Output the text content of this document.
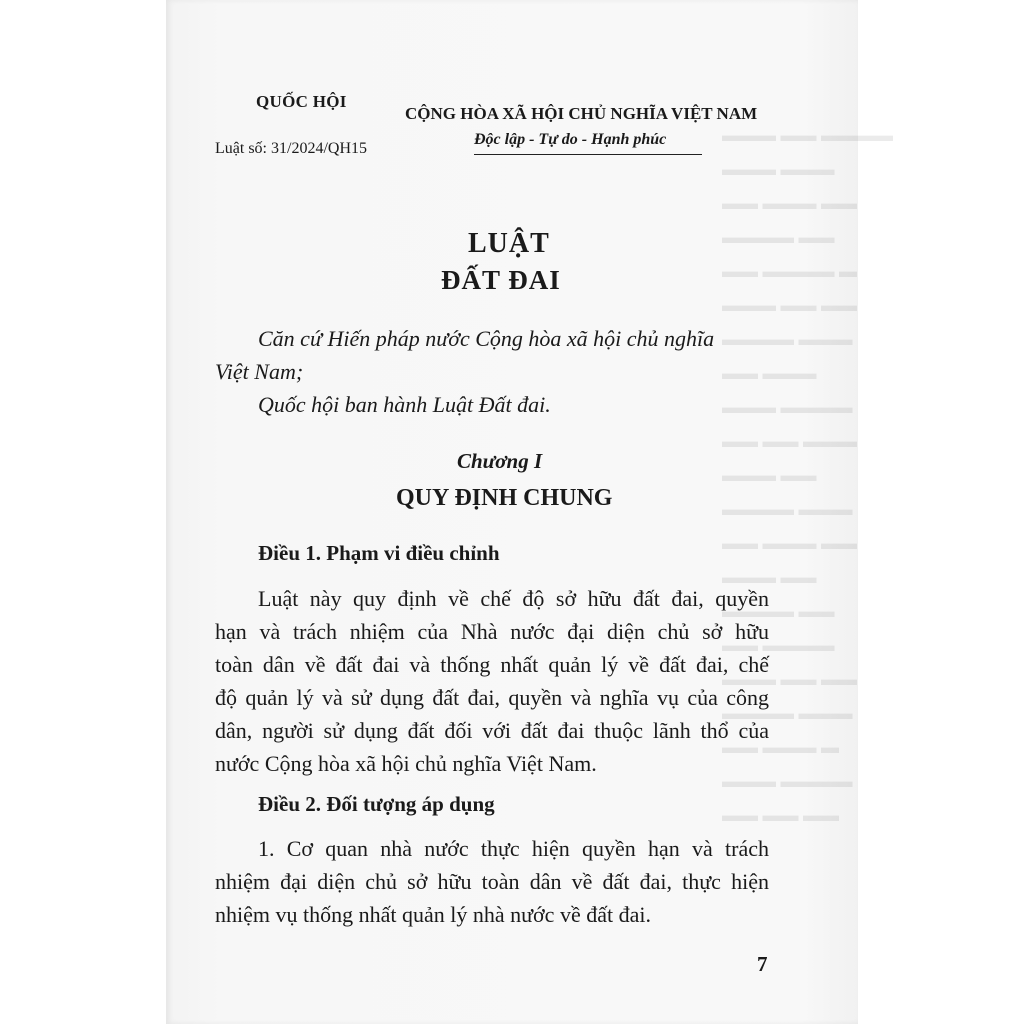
▬▬▬ ▬▬ ▬▬▬▬
▬▬▬ ▬▬▬
▬▬ ▬▬▬ ▬▬
▬▬▬▬ ▬▬
▬▬ ▬▬▬▬ ▬
▬▬▬ ▬▬ ▬▬
▬▬▬▬ ▬▬▬
▬▬ ▬▬▬
▬▬▬ ▬▬▬▬
▬▬ ▬▬ ▬▬▬
▬▬▬ ▬▬
▬▬▬▬ ▬▬▬
▬▬ ▬▬▬ ▬▬
▬▬▬ ▬▬
▬▬▬▬ ▬▬
▬▬ ▬▬▬▬
▬▬▬ ▬▬ ▬▬
▬▬▬▬ ▬▬▬
▬▬ ▬▬▬ ▬
▬▬▬ ▬▬▬▬
▬▬ ▬▬ ▬▬
QUỐC HỘI
Luật số: 31/2024/QH15
CỘNG HÒA XÃ HỘI CHỦ NGHĨA VIỆT NAM
Độc lập - Tự do - Hạnh phúc
LUẬT
ĐẤT ĐAI
Căn cứ Hiến pháp nước Cộng hòa xã hội chủ nghĩa
Việt Nam;
Quốc hội ban hành Luật Đất đai.
Chương I
QUY ĐỊNH CHUNG
Điều 1. Phạm vi điều chỉnh
Luật này quy định về chế độ sở hữu đất đai, quyền
hạn và trách nhiệm của Nhà nước đại diện chủ sở hữu
toàn dân về đất đai và thống nhất quản lý về đất đai, chế
độ quản lý và sử dụng đất đai, quyền và nghĩa vụ của công
dân, người sử dụng đất đối với đất đai thuộc lãnh thổ của
nước Cộng hòa xã hội chủ nghĩa Việt Nam.
Điều 2. Đối tượng áp dụng
1. Cơ quan nhà nước thực hiện quyền hạn và trách
nhiệm đại diện chủ sở hữu toàn dân về đất đai, thực hiện
nhiệm vụ thống nhất quản lý nhà nước về đất đai.
7
